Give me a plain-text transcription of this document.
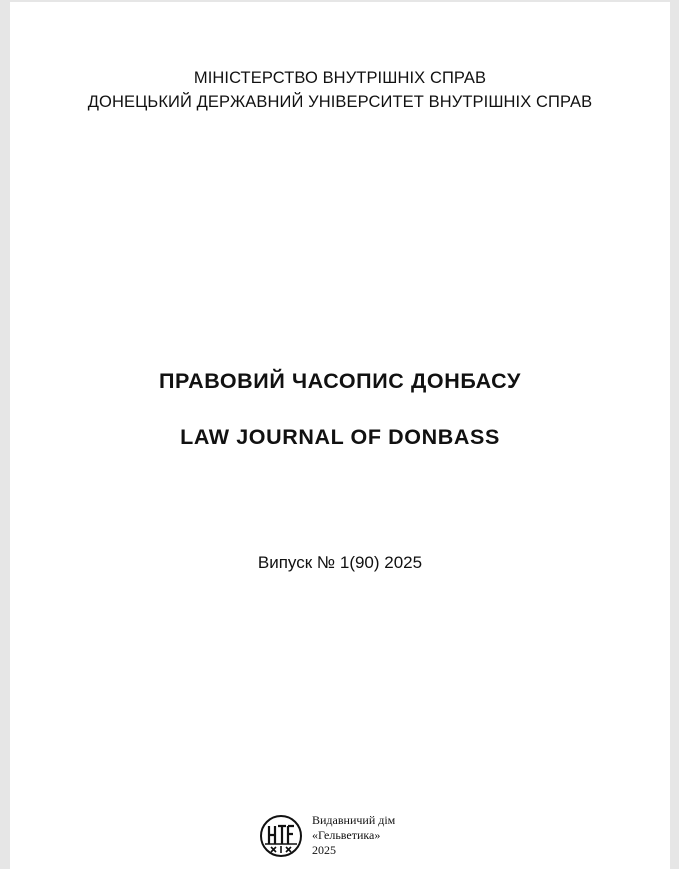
МІНІСТЕРСТВО ВНУТРІШНІХ СПРАВ
ДОНЕЦЬКИЙ ДЕРЖАВНИЙ УНІВЕРСИТЕТ ВНУТРІШНІХ СПРАВ
ПРАВОВИЙ ЧАСОПИС ДОНБАСУ
LAW JOURNAL OF DONBASS
Випуск № 1(90) 2025
Видавничий дім
«Гельветика»
2025
